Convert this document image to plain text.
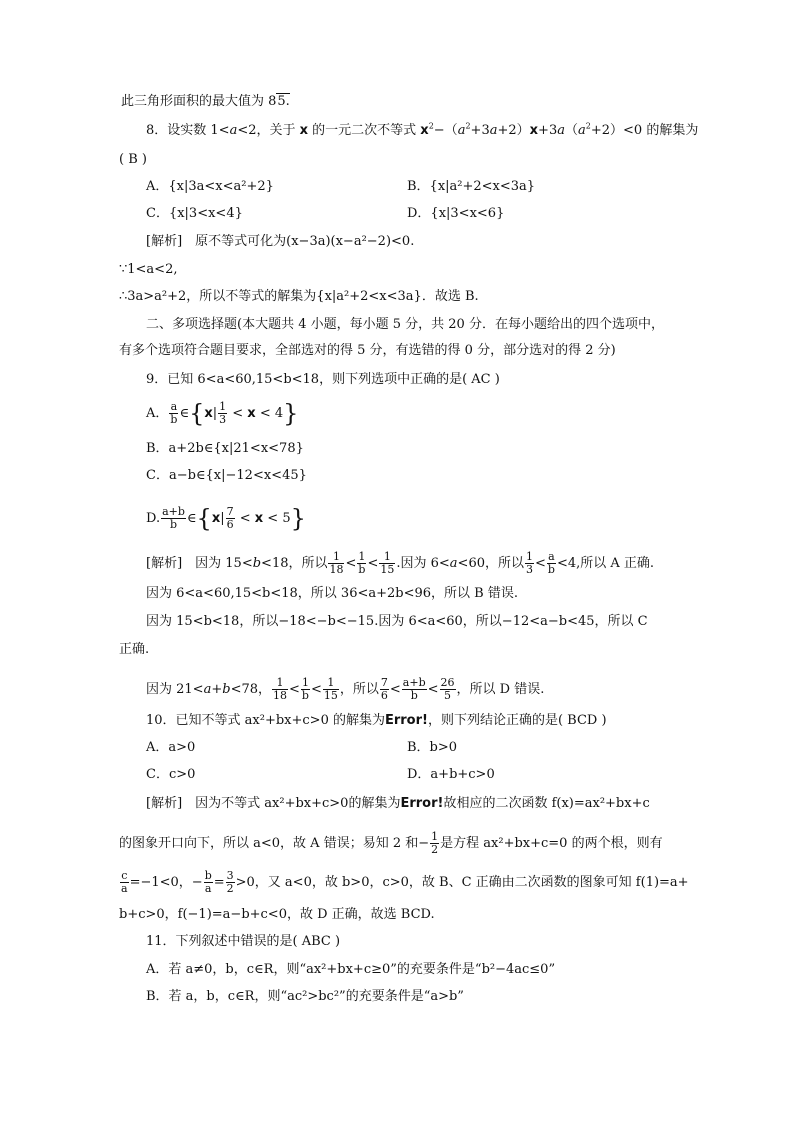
此三角形面积的最大值为 85.
8．设实数 1<a<2，关于 x 的一元二次不等式 $x^2-(a^2+3a+2)x+3a(a^2+2)<0$ 的解集为
( B )
A．{x|3a<x<a²+2}	B．{x|a²+2<x<3a}
C．{x|3<x<4}	D．{x|3<x<6}
[解析]　原不等式可化为(x−3a)(x−a²−2)<0.
∵1<a<2,
∴3a>a²+2，所以不等式的解集为{x|a²+2<x<3a}．故选 B.
二、多项选择题(本大题共 4 小题，每小题 5 分，共 20 分．在每小题给出的四个选项中，
有多个选项符合题目要求，全部选对的得 5 分，有选错的得 0 分，部分选对的得 2 分)
9．已知 6<a<60,15<b<18，则下列选项中正确的是( AC )
A． $\frac{a}{b}$ ∈{x| $\frac{1}{3} < x < 4$}
B．a+2b∈{x|21<x<78}
C．a−b∈{x|−12<x<45}
D. $\frac{a+b}{b}$ ∈{x| $\frac{7}{6} < x < 5$}
[解析]　因为 15<b<18，所以 $\frac{1}{18} < \frac{1}{b} < \frac{1}{15}$ .因为 6<a<60，所以 $\frac{1}{3} < \frac{a}{b} <4$,所以 A 正确.
因为 6<a<60,15<b<18，所以 36<a+2b<96，所以 B 错误.
因为 15<b<18，所以−18<−b<−15.因为 6<a<60，所以−12<a−b<45，所以 C
正确.
因为 21<a+b<78， $\frac{1}{18} < \frac{1}{b} < \frac{1}{15}$ ，所以 $\frac{7}{6} < \frac{a+b}{b} < \frac{26}{5}$ ，所以 D 错误.
10．已知不等式 ax²+bx+c>0 的解集为Error!，则下列结论正确的是( BCD )
A．a>0	B．b>0
C．c>0	D．a+b+c>0
[解析]　因为不等式 ax²+bx+c>0的解集为Error!故相应的二次函数 f(x)=ax²+bx+c
的图象开口向下，所以 a<0，故 A 错误；易知 2 和− $\frac{1}{2}$ 是方程 ax²+bx+c=0 的两个根，则有
$\frac{c}{a} =-1<0$，− $\frac{b}{a} = \frac{3}{2} >0$，又 a<0，故 b>0，c>0，故 B、C 正确由二次函数的图象可知 f(1)=a+
b+c>0，f(−1)=a−b+c<0，故 D 正确，故选 BCD.
11．下列叙述中错误的是( ABC )
A．若 a≠0，b，c∈R，则“ax²+bx+c≥0”的充要条件是“b²−4ac≤0”
B．若 a，b，c∈R，则“ac²>bc²”的充要条件是“a>b”
